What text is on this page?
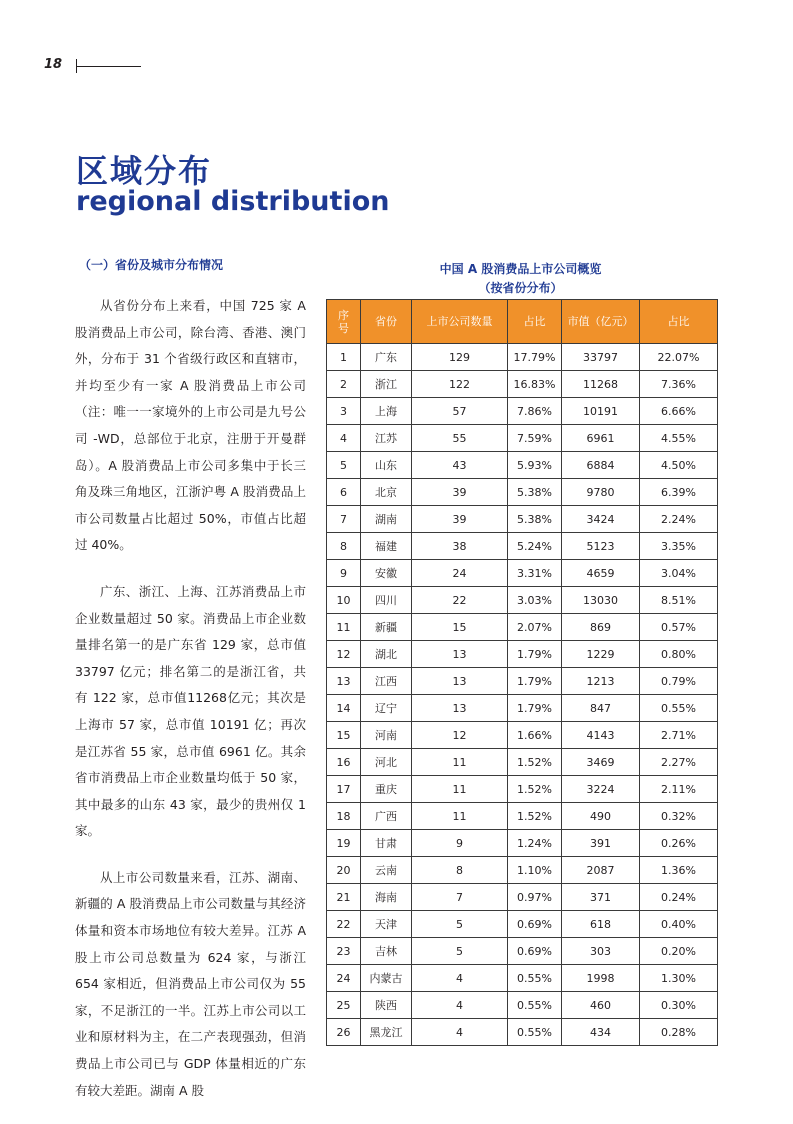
18
区域分布
regional distribution
（一）省份及城市分布情况

从省份分布上来看，中国 725 家 A 股消费品上市公司，除台湾、香港、澳门外，分布于 31 个省级行政区和直辖市，并均至少有一家 A 股消费品上市公司（注：唯一一家境外的上市公司是九号公司 -WD，总部位于北京，注册于开曼群岛）。A 股消费品上市公司多集中于长三角及珠三角地区，江浙沪粤 A 股消费品上市公司数量占比超过 50%，市值占比超过 40%。

广东、浙江、上海、江苏消费品上市企业数量超过 50 家。消费品上市企业数量排名第一的是广东省 129 家，总市值 33797 亿元；排名第二的是浙江省，共有 122 家，总市值11268亿元；其次是上海市 57 家，总市值 10191 亿；再次是江苏省 55 家，总市值 6961 亿。其余省市消费品上市企业数量均低于 50 家，其中最多的山东 43 家，最少的贵州仅 1 家。

从上市公司数量来看，江苏、湖南、新疆的 A 股消费品上市公司数量与其经济体量和资本市场地位有较大差异。江苏 A 股上市公司总数量为 624 家，与浙江 654 家相近，但消费品上市公司仅为 55 家，不足浙江的一半。江苏上市公司以工业和原材料为主，在二产表现强劲，但消费品上市公司已与 GDP 体量相近的广东有较大差距。湖南 A 股

中国 A 股消费品上市公司概览
（按省份分布）
序号	省份	上市公司数量	占比	市值（亿元）	占比
1	广东	129	17.79%	33797	22.07%
2	浙江	122	16.83%	11268	7.36%
3	上海	57	7.86%	10191	6.66%
4	江苏	55	7.59%	6961	4.55%
5	山东	43	5.93%	6884	4.50%
6	北京	39	5.38%	9780	6.39%
7	湖南	39	5.38%	3424	2.24%
8	福建	38	5.24%	5123	3.35%
9	安徽	24	3.31%	4659	3.04%
10	四川	22	3.03%	13030	8.51%
11	新疆	15	2.07%	869	0.57%
12	湖北	13	1.79%	1229	0.80%
13	江西	13	1.79%	1213	0.79%
14	辽宁	13	1.79%	847	0.55%
15	河南	12	1.66%	4143	2.71%
16	河北	11	1.52%	3469	2.27%
17	重庆	11	1.52%	3224	2.11%
18	广西	11	1.52%	490	0.32%
19	甘肃	9	1.24%	391	0.26%
20	云南	8	1.10%	2087	1.36%
21	海南	7	0.97%	371	0.24%
22	天津	5	0.69%	618	0.40%
23	吉林	5	0.69%	303	0.20%
24	内蒙古	4	0.55%	1998	1.30%
25	陕西	4	0.55%	460	0.30%
26	黑龙江	4	0.55%	434	0.28%
